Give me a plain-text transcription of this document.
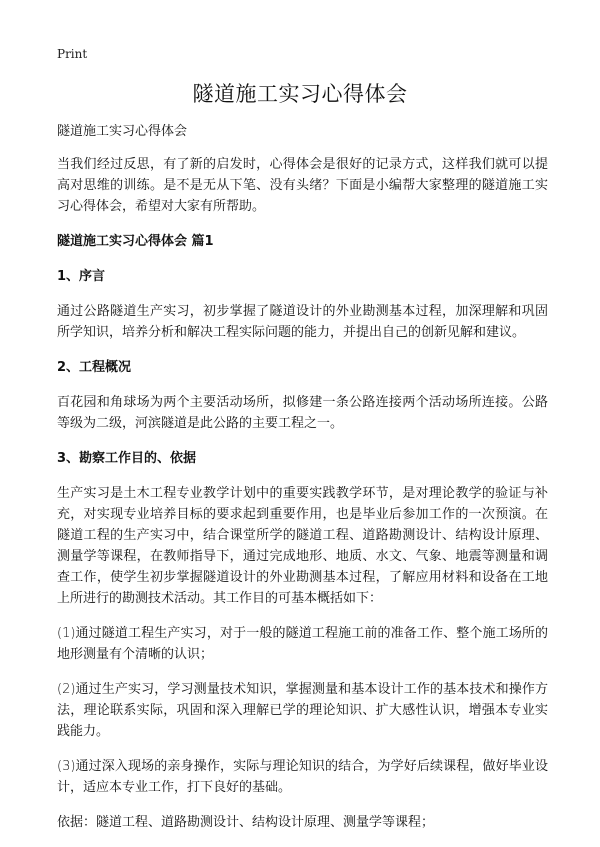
Print
隧道施工实习心得体会

隧道施工实习心得体会

当我们经过反思，有了新的启发时，心得体会是很好的记录方式，这样我们就可以提高对思维的训练。是不是无从下笔、没有头绪？下面是小编帮大家整理的隧道施工实习心得体会，希望对大家有所帮助。

隧道施工实习心得体会 篇1

1、序言

通过公路隧道生产实习，初步掌握了隧道设计的外业勘测基本过程，加深理解和巩固所学知识，培养分析和解决工程实际问题的能力，并提出自己的创新见解和建议。

2、工程概况

百花园和角球场为两个主要活动场所，拟修建一条公路连接两个活动场所连接。公路等级为二级，河滨隧道是此公路的主要工程之一。

3、勘察工作目的、依据

生产实习是土木工程专业教学计划中的重要实践教学环节，是对理论教学的验证与补充，对实现专业培养目标的要求起到重要作用，也是毕业后参加工作的一次预演。在隧道工程的生产实习中，结合课堂所学的隧道工程、道路勘测设计、结构设计原理、测量学等课程，在教师指导下，通过完成地形、地质、水文、气象、地震等测量和调查工作，使学生初步掌握隧道设计的外业勘测基本过程，了解应用材料和设备在工地上所进行的勘测技术活动。其工作目的可基本概括如下：

(1)通过隧道工程生产实习，对于一般的隧道工程施工前的准备工作、整个施工场所的地形测量有个清晰的认识；

(2)通过生产实习，学习测量技术知识，掌握测量和基本设计工作的基本技术和操作方法，理论联系实际，巩固和深入理解已学的理论知识、扩大感性认识，增强本专业实践能力。

(3)通过深入现场的亲身操作，实际与理论知识的结合，为学好后续课程，做好毕业设计，适应本专业工作，打下良好的基础。

依据：隧道工程、道路勘测设计、结构设计原理、测量学等课程；
